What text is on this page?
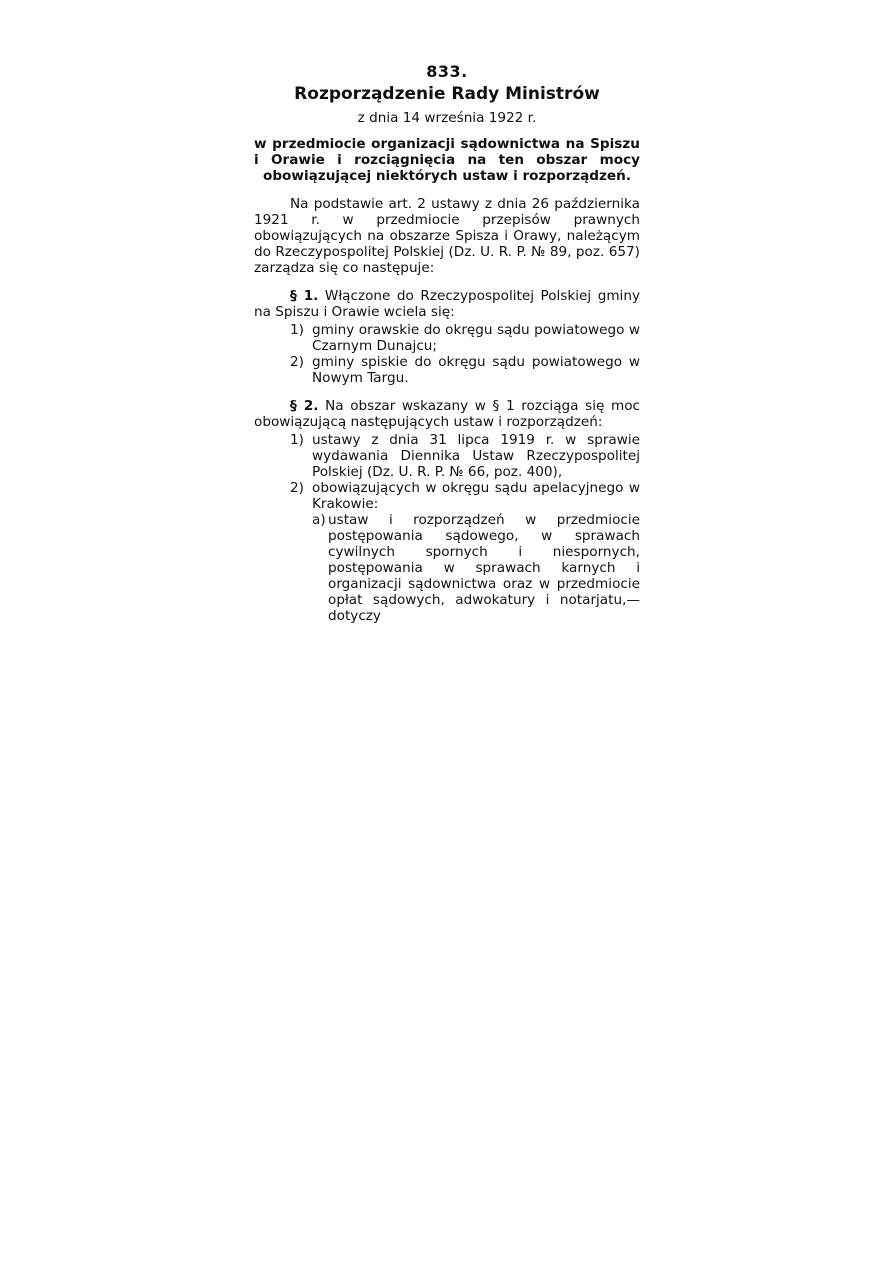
833.
Rozporządzenie Rady Ministrów
z dnia 14 września 1922 r.
w przedmiocie organizacji sądownictwa na Spiszu i Orawie i rozciągnięcia na ten obszar mocy obowiązującej niektórych ustaw i rozporządzeń.
Na podstawie art. 2 ustawy z dnia 26 października 1921 r. w przedmiocie przepisów prawnych obowiązujących na obszarze Spisza i Orawy, należącym do Rzeczypospolitej Polskiej (Dz. U. R. P. № 89, poz. 657) zarządza się co następuje:
§ 1. Włączone do Rzeczypospolitej Polskiej gminy na Spiszu i Orawie wciela się:
1) gminy orawskie do okręgu sądu powiatowego w Czarnym Dunajcu;
2) gminy spiskie do okręgu sądu powiatowego w Nowym Targu.
§ 2. Na obszar wskazany w § 1 rozciąga się moc obowiązującą następujących ustaw i rozporządzeń:
1) ustawy z dnia 31 lipca 1919 r. w sprawie wydawania Diennika Ustaw Rzeczypospolitej Polskiej (Dz. U. R. P. № 66, poz. 400),
2) obowiązujących w okręgu sądu apelacyjnego w Krakowie:
a) ustaw i rozporządzeń w przedmiocie postępowania sądowego, w sprawach cywilnych spornych i niespornych, postępowania w sprawach karnych i organizacji sądownictwa oraz w przedmiocie opłat sądowych, adwokatury i notarjatu,—dotyczy
